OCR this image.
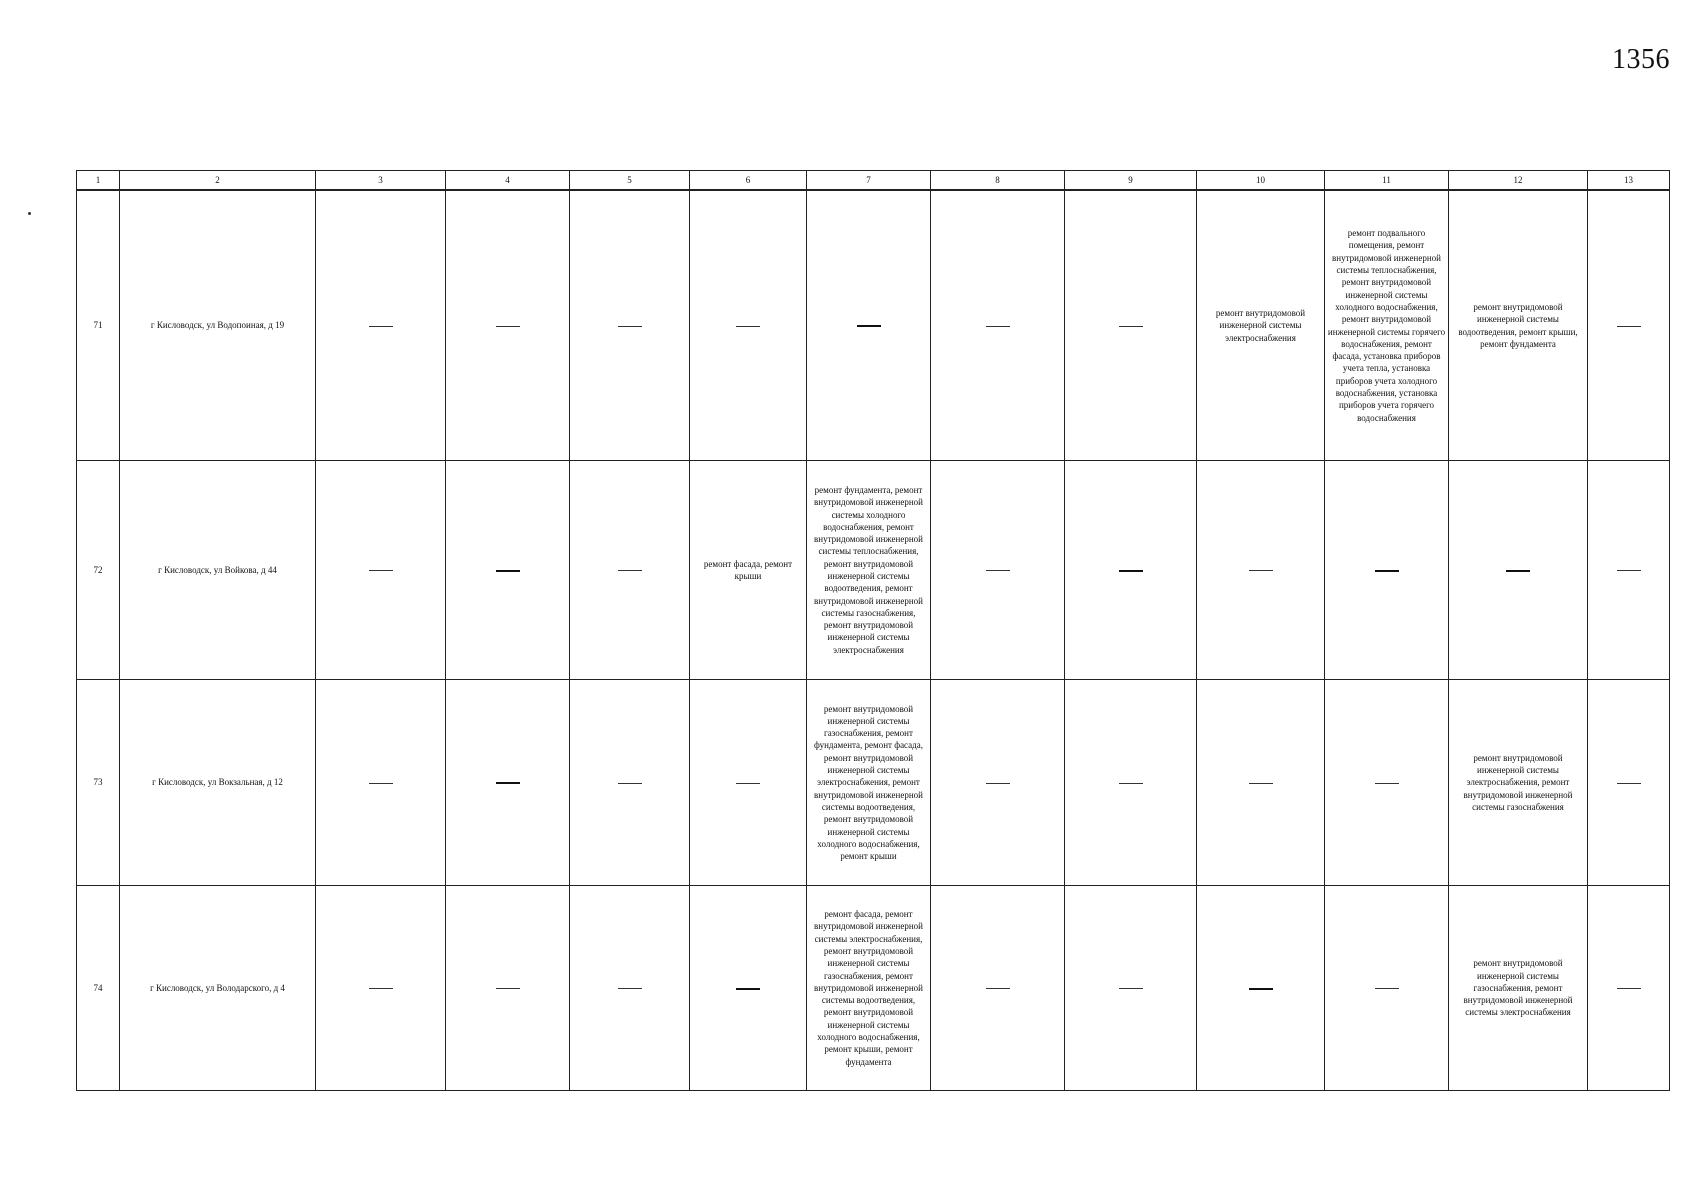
1356
1	2	3	4	5	6	7	8	9	10	11	12	13
71	г Кисловодск, ул Водопоиная, д 19								ремонт внутридомовой инженерной системы электроснабжения	ремонт подвального помещения, ремонт внутридомовой инженерной системы теплоснабжения, ремонт внутридомовой инженерной системы холодного водоснабжения, ремонт внутридомовой инженерной системы горячего водоснабжения, ремонт фасада, установка приборов учета тепла, установка приборов учета холодного водоснабжения, установка приборов учета горячего водоснабжения	ремонт внутридомовой инженерной системы водоотведения, ремонт крыши, ремонт фундамента	
72	г Кисловодск, ул Войкова, д 44				ремонт фасада, ремонт крыши	ремонт фундамента, ремонт внутридомовой инженерной системы холодного водоснабжения, ремонт внутридомовой инженерной системы теплоснабжения, ремонт внутридомовой инженерной системы водоотведения, ремонт внутридомовой инженерной системы газоснабжения, ремонт внутридомовой инженерной системы электроснабжения						
73	г Кисловодск, ул Вокзальная, д 12					ремонт внутридомовой инженерной системы газоснабжения, ремонт фундамента, ремонт фасада, ремонт внутридомовой инженерной системы электроснабжения, ремонт внутридомовой инженерной системы водоотведения, ремонт внутридомовой инженерной системы холодного водоснабжения, ремонт крыши					ремонт внутридомовой инженерной системы электроснабжения, ремонт внутридомовой инженерной системы газоснабжения	
74	г Кисловодск, ул Володарского, д 4					ремонт фасада, ремонт внутридомовой инженерной системы электроснабжения, ремонт внутридомовой инженерной системы газоснабжения, ремонт внутридомовой инженерной системы водоотведения, ремонт внутридомовой инженерной системы холодного водоснабжения, ремонт крыши, ремонт фундамента					ремонт внутридомовой инженерной системы газоснабжения, ремонт внутридомовой инженерной системы электроснабжения	
